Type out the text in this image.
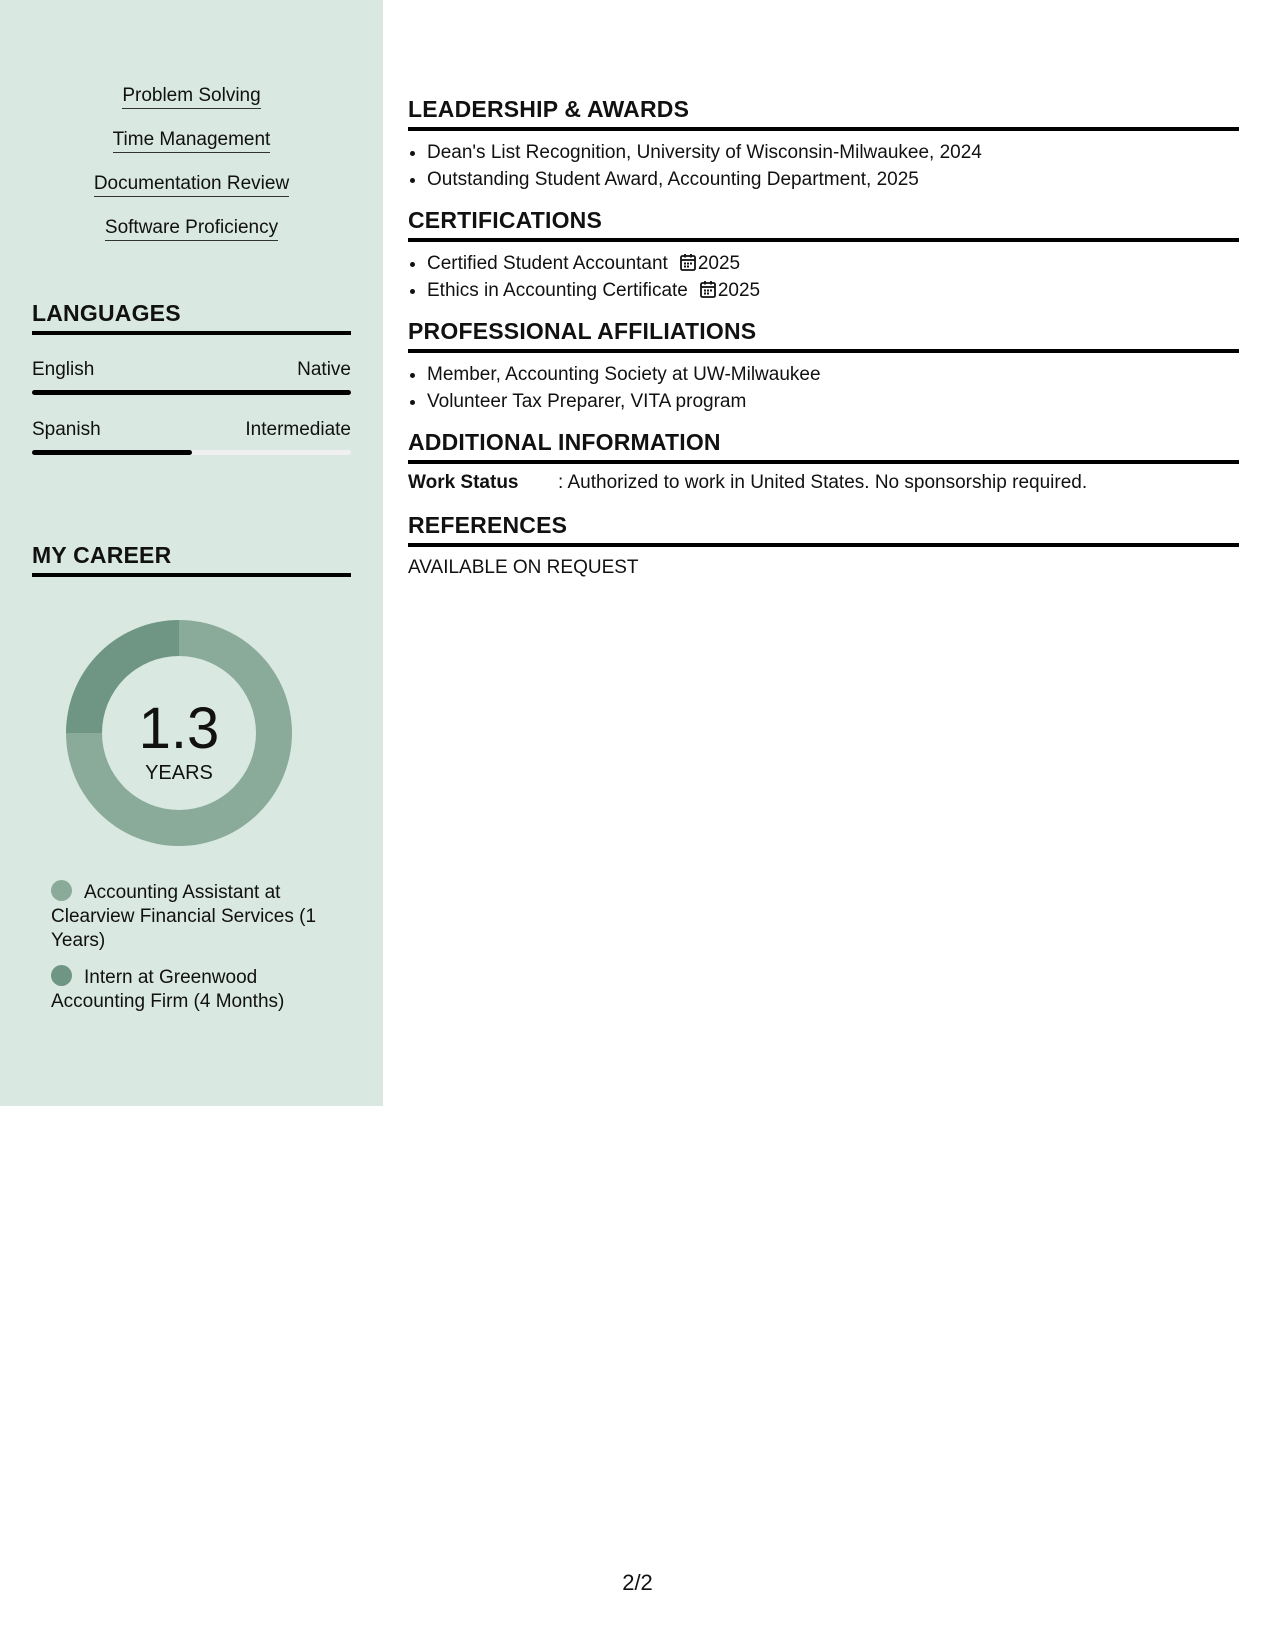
Problem Solving
Time Management
Documentation Review
Software Proficiency
LANGUAGES
English	Native
Spanish	Intermediate
MY CAREER
1.3
YEARS
Accounting Assistant at Clearview Financial Services (1 Years)
Intern at Greenwood Accounting Firm (4 Months)
LEADERSHIP & AWARDS
• Dean's List Recognition, University of Wisconsin-Milwaukee, 2024
• Outstanding Student Award, Accounting Department, 2025
CERTIFICATIONS
• Certified Student Accountant 2025
• Ethics in Accounting Certificate 2025
PROFESSIONAL AFFILIATIONS
• Member, Accounting Society at UW-Milwaukee
• Volunteer Tax Preparer, VITA program
ADDITIONAL INFORMATION
Work Status	: Authorized to work in United States. No sponsorship required.
REFERENCES
AVAILABLE ON REQUEST
2/2
